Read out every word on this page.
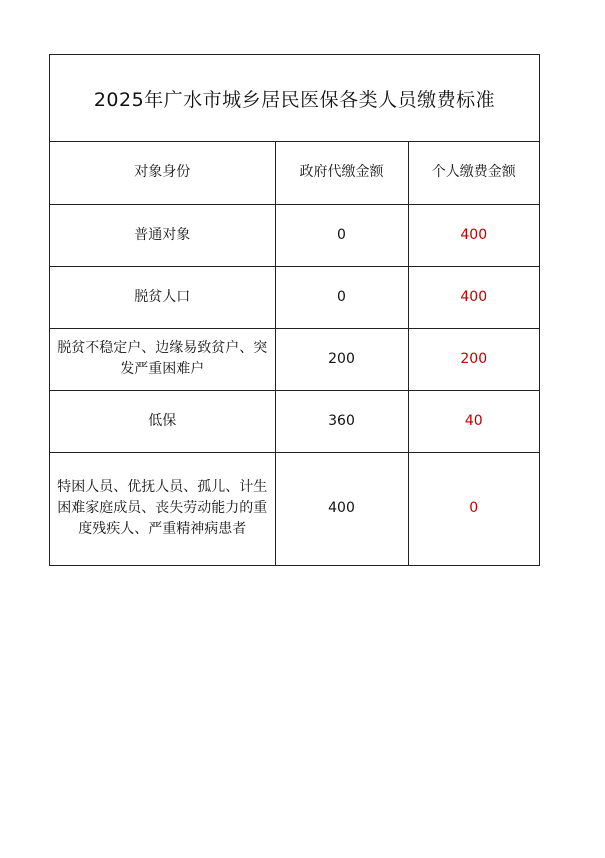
2025年广水市城乡居民医保各类人员缴费标准
对象身份	政府代缴金额	个人缴费金额
普通对象	0	400
脱贫人口	0	400
脱贫不稳定户、边缘易致贫户、突发严重困难户	200	200
低保	360	40
特困人员、优抚人员、孤儿、计生困难家庭成员、丧失劳动能力的重度残疾人、严重精神病患者	400	0
